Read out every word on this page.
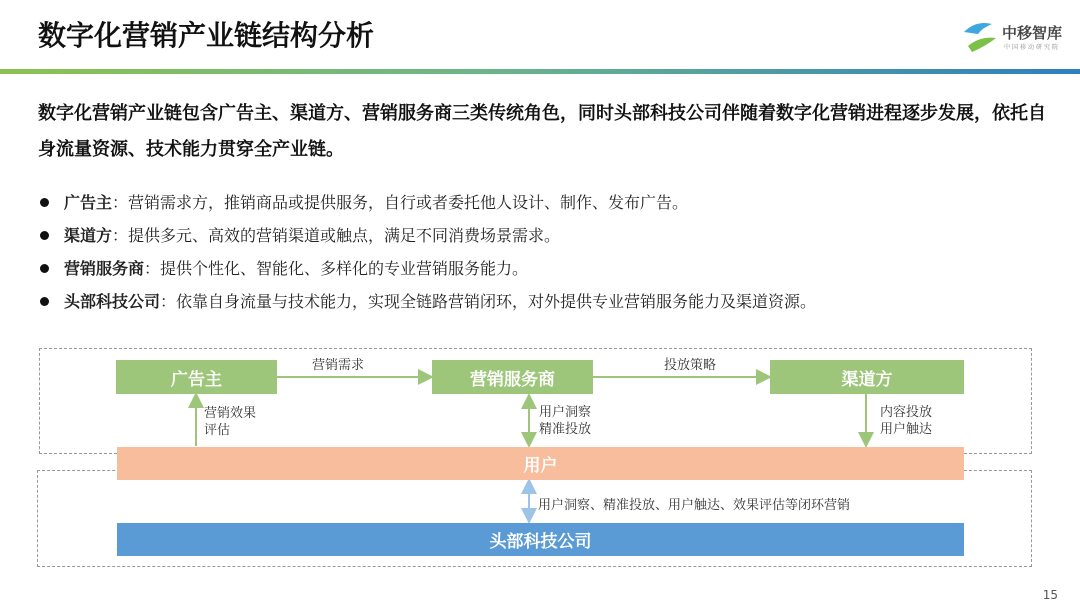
数字化营销产业链结构分析	中移智库
中国移动研究院
数字化营销产业链包含广告主、渠道方、营销服务商三类传统角色，同时头部科技公司伴随着数字化营销进程逐步发展，依托自身流量资源、技术能力贯穿全产业链。
广告主：营销需求方，推销商品或提供服务，自行或者委托他人设计、制作、发布广告。
渠道方：提供多元、高效的营销渠道或触点，满足不同消费场景需求。
营销服务商：提供个性化、智能化、多样化的专业营销服务能力。
头部科技公司：依靠自身流量与技术能力，实现全链路营销闭环，对外提供专业营销服务能力及渠道资源。
广告主	营销服务商	渠道方
用户
头部科技公司
营销需求	投放策略
营销效果
评估
用户洞察
精准投放
内容投放
用户触达
用户洞察、精准投放、用户触达、效果评估等闭环营销
15
